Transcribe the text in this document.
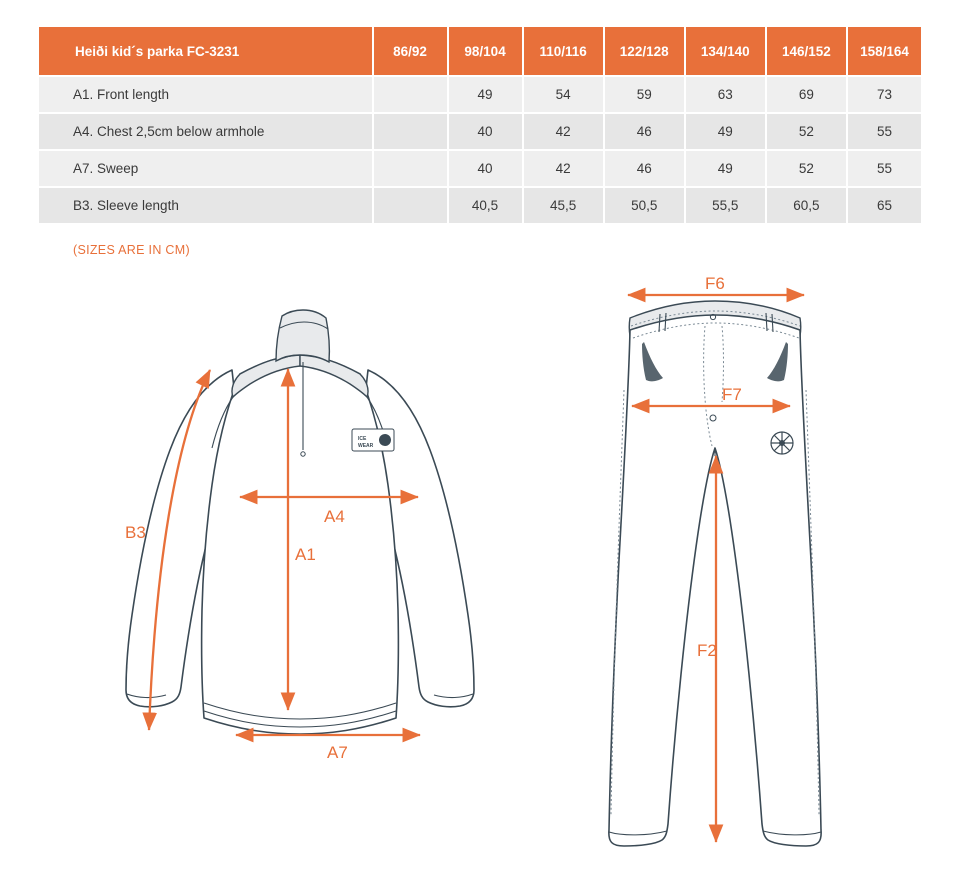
Heiði kid´s parka FC-3231	86/92	98/104	110/116	122/128	134/140	146/152	158/164
A1. Front length		49	54	59	63	69	73
A4. Chest 2,5cm below armhole		40	42	46	49	52	55
A7. Sweep		40	42	46	49	52	55
B3. Sleeve length		40,5	45,5	50,5	55,5	60,5	65
(SIZES ARE IN CM)
ICE
WEAR
B3
A4
A1
A7
F6
F7
F2
